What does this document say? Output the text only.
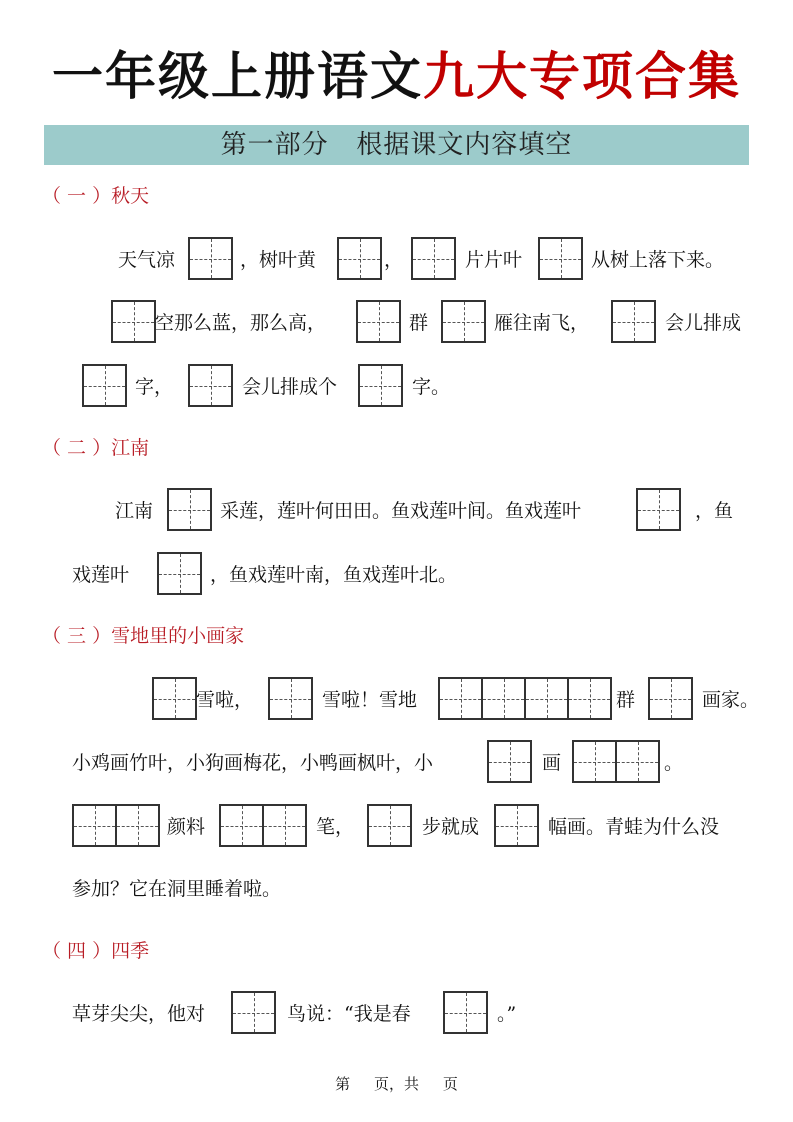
一年级上册语文九大专项合集
第一部分   根据课文内容填空
（ 一 ）秋天
天气凉	，树叶黄	，	片片叶	从树上落下来。
空那么蓝，那么高，	群	雁往南飞，	会儿排成
字，	会儿排成个	字。
（ 二 ）江南
江南	采莲，莲叶何田田。鱼戏莲叶间。鱼戏莲叶	，鱼
戏莲叶	，鱼戏莲叶南，鱼戏莲叶北。
（ 三 ）雪地里的小画家
雪啦，	雪啦！雪地	群	画家。
小鸡画竹叶，小狗画梅花，小鸭画枫叶，小	画	。
颜料	笔，	步就成	幅画。青蛙为什么没
参加？它在洞里睡着啦。
（ 四 ）四季
草芽尖尖，他对	鸟说：“我是春	。”
第     页，共     页
